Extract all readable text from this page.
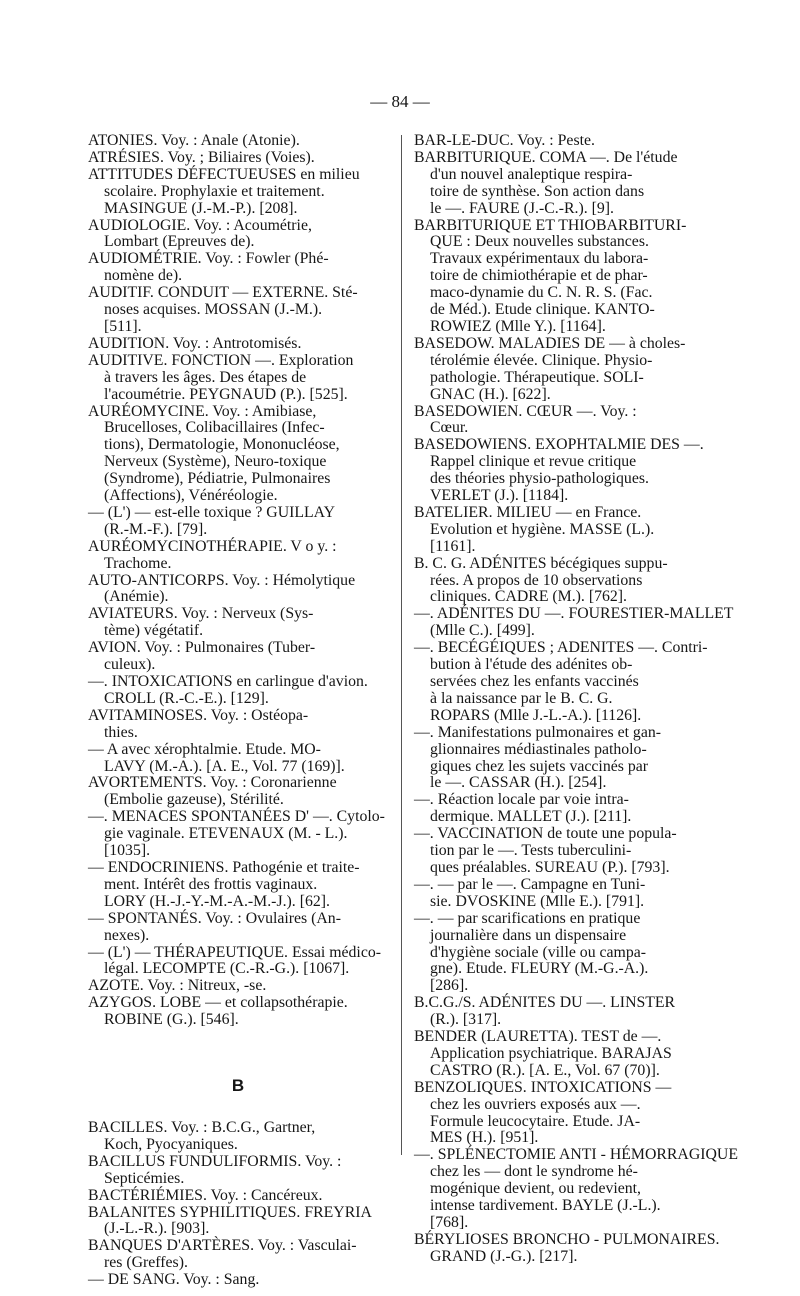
— 84 —
ATONIES. Voy. : Anale (Atonie).
ATRÉSIES. Voy. ; Biliaires (Voies).
ATTITUDES DÉFECTUEUSES en milieu
scolaire. Prophylaxie et traitement.
MASINGUE (J.-M.-P.). [208].
AUDIOLOGIE. Voy. : Acoumétrie,
Lombart (Epreuves de).
AUDIOMÉTRIE. Voy. : Fowler (Phé-
nomène de).
AUDITIF. CONDUIT — EXTERNE. Sté-
noses acquises. MOSSAN (J.-M.).
[511].
AUDITION. Voy. : Antrotomisés.
AUDITIVE. FONCTION —. Exploration
à travers les âges. Des étapes de
l'acoumétrie. PEYGNAUD (P.). [525].
AURÉOMYCINE. Voy. : Amibiase,
Brucelloses, Colibacillaires (Infec-
tions), Dermatologie, Mononucléose,
Nerveux (Système), Neuro-toxique
(Syndrome), Pédiatrie, Pulmonaires
(Affections), Vénéréologie.
— (L') — est-elle toxique ? GUILLAY
(R.-M.-F.). [79].
AURÉOMYCINOTHÉRAPIE. V o y. :
Trachome.
AUTO-ANTICORPS. Voy. : Hémolytique
(Anémie).
AVIATEURS. Voy. : Nerveux (Sys-
tème) végétatif.
AVION. Voy. : Pulmonaires (Tuber-
culeux).
—. INTOXICATIONS en carlingue d'avion.
CROLL (R.-C.-E.). [129].
AVITAMINOSES. Voy. : Ostéopa-
thies.
— A avec xérophtalmie. Etude. MO-
LAVY (M.-A.). [A. E., Vol. 77 (169)].
AVORTEMENTS. Voy. : Coronarienne
(Embolie gazeuse), Stérilité.
—. MENACES SPONTANÉES D' —. Cytolo-
gie vaginale. ETEVENAUX (M. - L.).
[1035].
— ENDOCRINIENS. Pathogénie et traite-
ment. Intérêt des frottis vaginaux.
LORY (H.-J.-Y.-M.-A.-M.-J.). [62].
— SPONTANÉS. Voy. : Ovulaires (An-
nexes).
— (L') — THÉRAPEUTIQUE. Essai médico-
légal. LECOMPTE (C.-R.-G.). [1067].
AZOTE. Voy. : Nitreux, -se.
AZYGOS. LOBE — et collapsothérapie.
ROBINE (G.). [546].
B
BACILLES. Voy. : B.C.G., Gartner,
Koch, Pyocyaniques.
BACILLUS FUNDULIFORMIS. Voy. :
Septicémies.
BACTÉRIÉMIES. Voy. : Cancéreux.
BALANITES SYPHILITIQUES. FREYRIA
(J.-L.-R.). [903].
BANQUES D'ARTÈRES. Voy. : Vasculai-
res (Greffes).
— DE SANG. Voy. : Sang.
BAR-LE-DUC. Voy. : Peste.
BARBITURIQUE. COMA —. De l'étude
d'un nouvel analeptique respira-
toire de synthèse. Son action dans
le —. FAURE (J.-C.-R.). [9].
BARBITURIQUE ET THIOBARBITURI-
QUE : Deux nouvelles substances.
Travaux expérimentaux du labora-
toire de chimiothérapie et de phar-
maco-dynamie du C. N. R. S. (Fac.
de Méd.). Etude clinique. KANTO-
ROWIEZ (Mlle Y.). [1164].
BASEDOW. MALADIES DE — à choles-
térolémie élevée. Clinique. Physio-
pathologie. Thérapeutique. SOLI-
GNAC (H.). [622].
BASEDOWIEN. CŒUR —. Voy. :
Cœur.
BASEDOWIENS. EXOPHTALMIE DES —.
Rappel clinique et revue critique
des théories physio-pathologiques.
VERLET (J.). [1184].
BATELIER. MILIEU — en France.
Evolution et hygiène. MASSE (L.).
[1161].
B. C. G. ADÉNITES bécégiques suppu-
rées. A propos de 10 observations
cliniques. CADRE (M.). [762].
—. ADÉNITES DU —. FOURESTIER-MALLET
(Mlle C.). [499].
—. BECÉGÉIQUES ; ADENITES —. Contri-
bution à l'étude des adénites ob-
servées chez les enfants vaccinés
à la naissance par le B. C. G.
ROPARS (Mlle J.-L.-A.). [1126].
—. Manifestations pulmonaires et gan-
glionnaires médiastinales patholo-
giques chez les sujets vaccinés par
le —. CASSAR (H.). [254].
—. Réaction locale par voie intra-
dermique. MALLET (J.). [211].
—. VACCINATION de toute une popula-
tion par le —. Tests tuberculini-
ques préalables. SUREAU (P.). [793].
—. — par le —. Campagne en Tuni-
sie. DVOSKINE (Mlle E.). [791].
—. — par scarifications en pratique
journalière dans un dispensaire
d'hygiène sociale (ville ou campa-
gne). Etude. FLEURY (M.-G.-A.).
[286].
B.C.G./S. ADÉNITES DU —. LINSTER
(R.). [317].
BENDER (LAURETTA). TEST de —.
Application psychiatrique. BARAJAS
CASTRO (R.). [A. E., Vol. 67 (70)].
BENZOLIQUES. INTOXICATIONS —
chez les ouvriers exposés aux —.
Formule leucocytaire. Etude. JA-
MES (H.). [951].
—. SPLÉNECTOMIE ANTI - HÉMORRAGIQUE
chez les — dont le syndrome hé-
mogénique devient, ou redevient,
intense tardivement. BAYLE (J.-L.).
[768].
BÉRYLIOSES BRONCHO - PULMONAIRES.
GRAND (J.-G.). [217].
